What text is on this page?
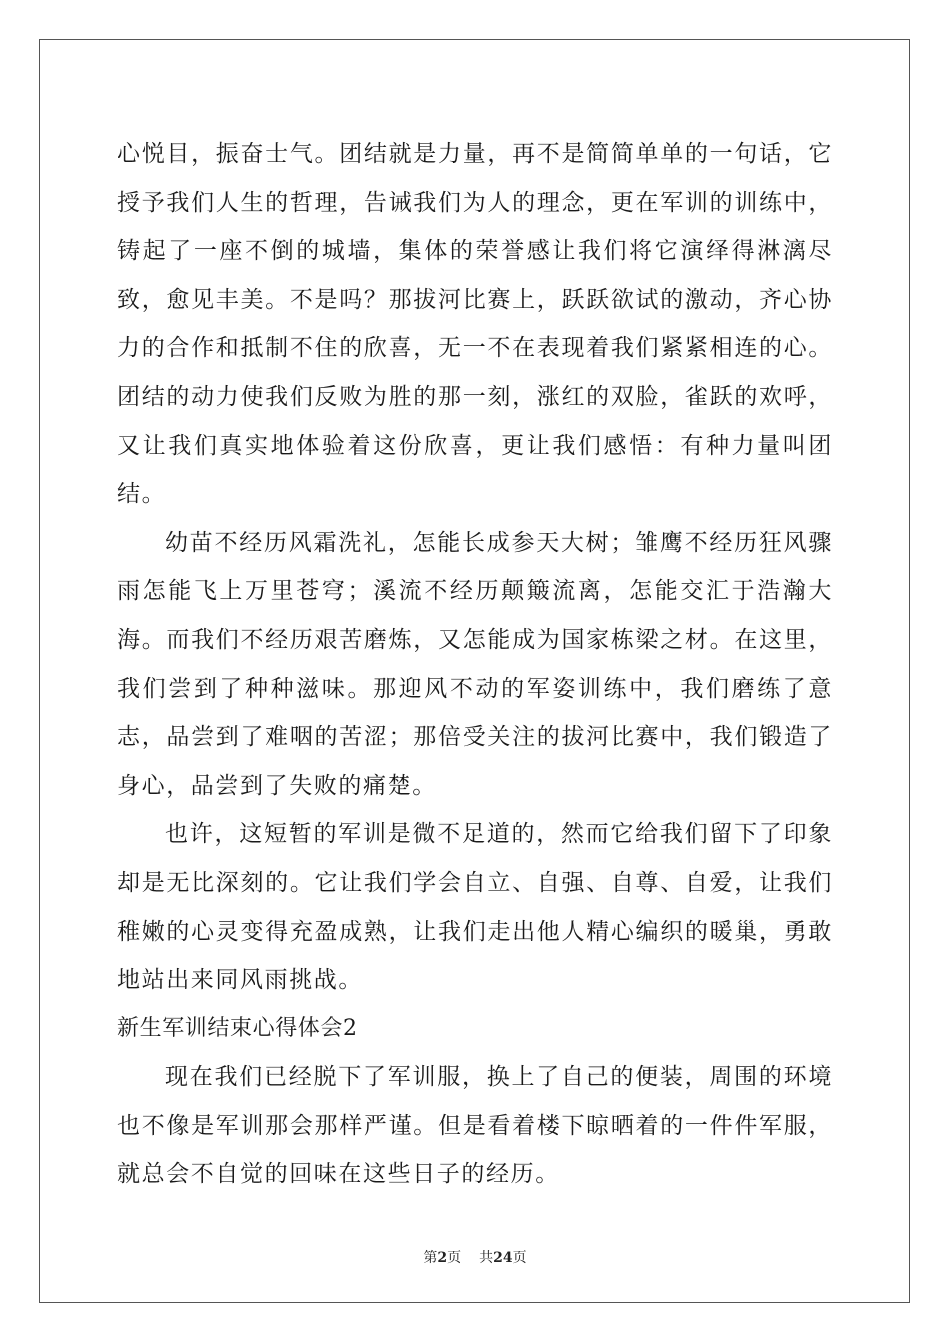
心悦目，振奋士气。团结就是力量，再不是简简单单的一句话，它授予我们人生的哲理，告诫我们为人的理念，更在军训的训练中，铸起了一座不倒的城墙，集体的荣誉感让我们将它演绎得淋漓尽致，愈见丰美。不是吗？那拔河比赛上，跃跃欲试的激动，齐心协力的合作和抵制不住的欣喜，无一不在表现着我们紧紧相连的心。团结的动力使我们反败为胜的那一刻，涨红的双脸，雀跃的欢呼，又让我们真实地体验着这份欣喜，更让我们感悟：有种力量叫团结。

幼苗不经历风霜洗礼，怎能长成参天大树；雏鹰不经历狂风骤雨怎能飞上万里苍穹；溪流不经历颠簸流离，怎能交汇于浩瀚大海。而我们不经历艰苦磨炼，又怎能成为国家栋梁之材。在这里，我们尝到了种种滋味。那迎风不动的军姿训练中，我们磨练了意志，品尝到了难咽的苦涩；那倍受关注的拔河比赛中，我们锻造了身心，品尝到了失败的痛楚。

也许，这短暂的军训是微不足道的，然而它给我们留下了印象却是无比深刻的。它让我们学会自立、自强、自尊、自爱，让我们稚嫩的心灵变得充盈成熟，让我们走出他人精心编织的暖巢，勇敢地站出来同风雨挑战。

新生军训结束心得体会2

现在我们已经脱下了军训服，换上了自己的便装，周围的环境也不像是军训那会那样严谨。但是看着楼下晾晒着的一件件军服，就总会不自觉的回味在这些日子的经历。

第2页 共24页
